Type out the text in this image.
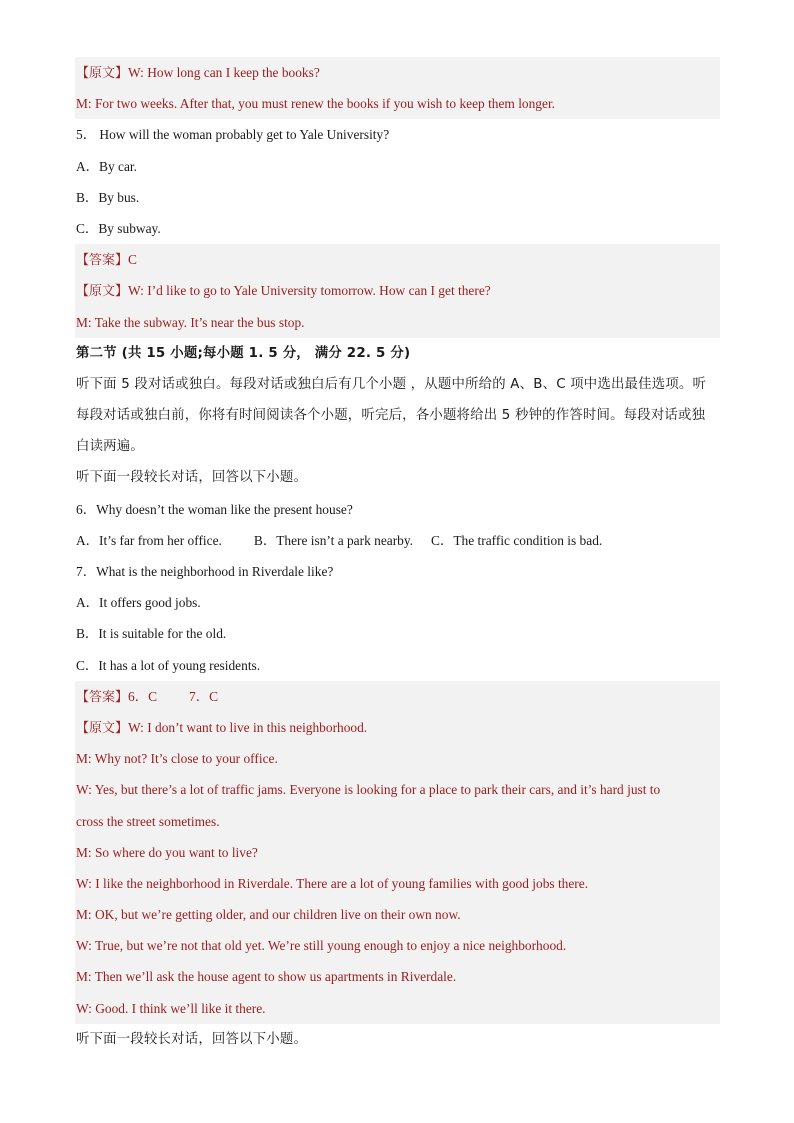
【原文】W: How long can I keep the books?
M: For two weeks. After that, you must renew the books if you wish to keep them longer.
5． How will the woman probably get to Yale University?
A．By car.
B．By bus.
C．By subway.
【答案】C
【原文】W: I’d like to go to Yale University tomorrow. How can I get there?
M: Take the subway. It’s near the bus stop.
第二节 (共 15 小题;每小题 1. 5 分， 满分 22. 5 分)
听下面 5 段对话或独白。每段对话或独白后有几个小题 ，从题中所给的 A、B、C 项中选出最佳选项。听
每段对话或独白前，你将有时间阅读各个小题，听完后，各小题将给出 5 秒钟的作答时间。每段对话或独
白读两遍。
听下面一段较长对话，回答以下小题。
6．Why doesn’t the woman like the present house?
A．It’s far from her office. B．There isn’t a park nearby. C．The traffic condition is bad.
7．What is the neighborhood in Riverdale like?
A．It offers good jobs.
B．It is suitable for the old.
C．It has a lot of young residents.
【答案】6．C 7．C
【原文】W: I don’t want to live in this neighborhood.
M: Why not? It’s close to your office.
W: Yes, but there’s a lot of traffic jams. Everyone is looking for a place to park their cars, and it’s hard just to
cross the street sometimes.
M: So where do you want to live?
W: I like the neighborhood in Riverdale. There are a lot of young families with good jobs there.
M: OK, but we’re getting older, and our children live on their own now.
W: True, but we’re not that old yet. We’re still young enough to enjoy a nice neighborhood.
M: Then we’ll ask the house agent to show us apartments in Riverdale.
W: Good. I think we’ll like it there.
听下面一段较长对话，回答以下小题。
